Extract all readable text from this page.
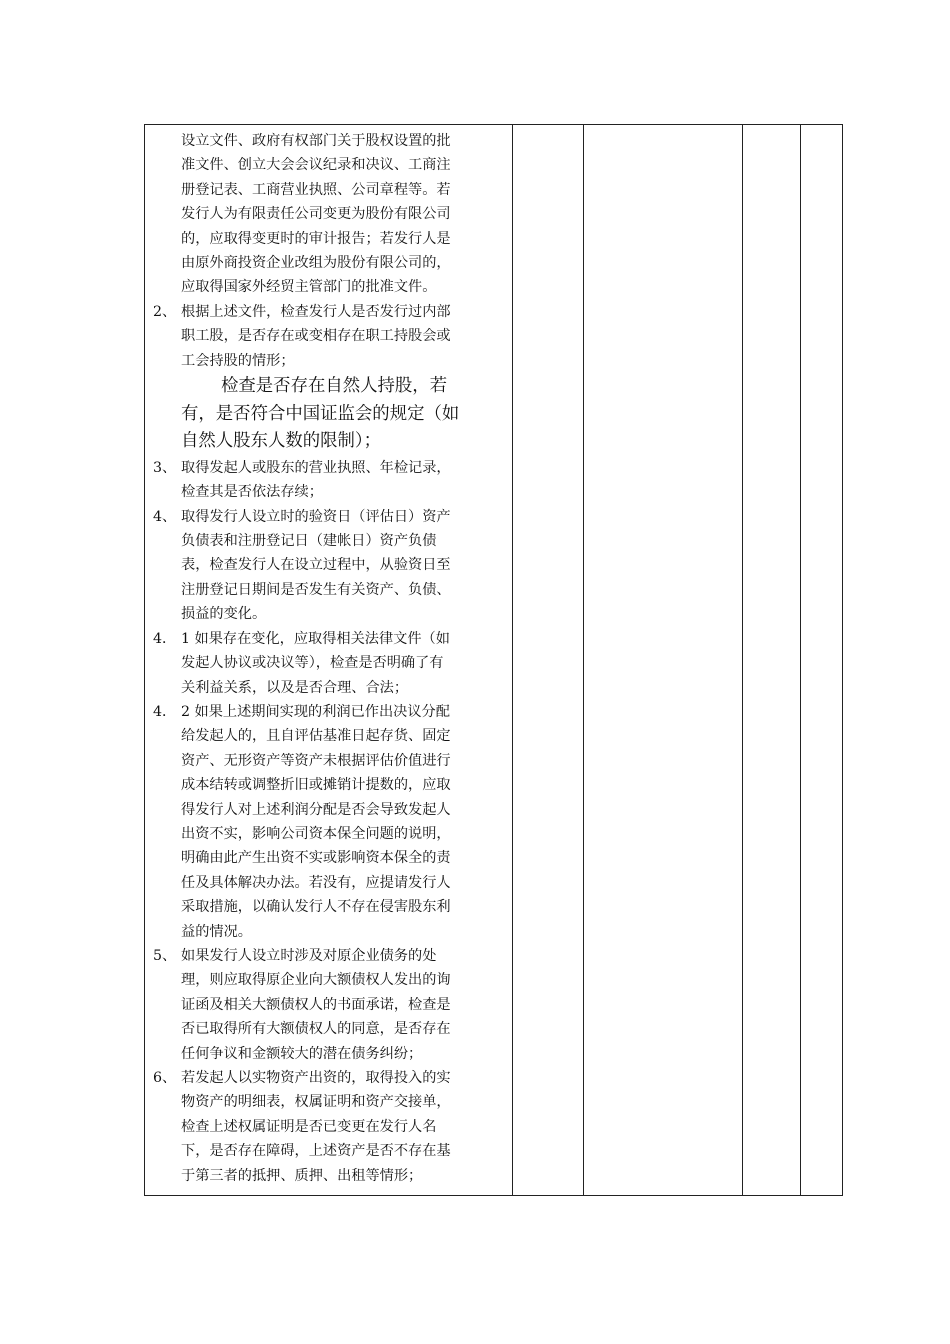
设立文件、政府有权部门关于股权设置的批
准文件、创立大会会议纪录和决议、工商注
册登记表、工商营业执照、公司章程等。若
发行人为有限责任公司变更为股份有限公司
的，应取得变更时的审计报告；若发行人是
由原外商投资企业改组为股份有限公司的，
应取得国家外经贸主管部门的批准文件。
2、 根据上述文件，检查发行人是否发行过内部
职工股，是否存在或变相存在职工持股会或
工会持股的情形；
检查是否存在自然人持股，若
有，是否符合中国证监会的规定（如
自然人股东人数的限制）；
3、 取得发起人或股东的营业执照、年检记录，
检查其是否依法存续；
4、 取得发行人设立时的验资日（评估日）资产
负债表和注册登记日（建帐日）资产负债
表，检查发行人在设立过程中，从验资日至
注册登记日期间是否发生有关资产、负债、
损益的变化。
4． 1 如果存在变化，应取得相关法律文件（如
发起人协议或决议等），检查是否明确了有
关利益关系，以及是否合理、合法；
4． 2 如果上述期间实现的利润已作出决议分配
给发起人的，且自评估基准日起存货、固定
资产、无形资产等资产未根据评估价值进行
成本结转或调整折旧或摊销计提数的，应取
得发行人对上述利润分配是否会导致发起人
出资不实，影响公司资本保全问题的说明，
明确由此产生出资不实或影响资本保全的责
任及具体解决办法。若没有，应提请发行人
采取措施，以确认发行人不存在侵害股东利
益的情况。
5、 如果发行人设立时涉及对原企业债务的处
理，则应取得原企业向大额债权人发出的询
证函及相关大额债权人的书面承诺，检查是
否已取得所有大额债权人的同意，是否存在
任何争议和金额较大的潜在债务纠纷；
6、 若发起人以实物资产出资的，取得投入的实
物资产的明细表，权属证明和资产交接单，
检查上述权属证明是否已变更在发行人名
下，是否存在障碍，上述资产是否不存在基
于第三者的抵押、质押、出租等情形；
